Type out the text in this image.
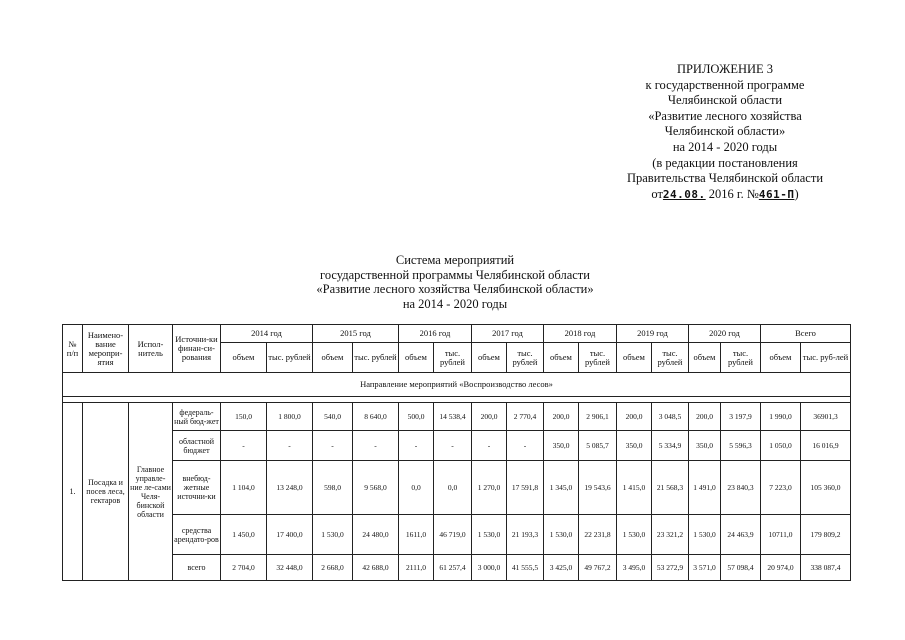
ПРИЛОЖЕНИЕ 3
к государственной программе
Челябинской области
«Развитие лесного хозяйства
Челябинской области»
на 2014 - 2020 годы
(в редакции постановления
Правительства Челябинской области
от24.08. 2016 г. №461-П)
Система мероприятий
государственной программы Челябинской области
«Развитие лесного хозяйства Челябинской области»
на 2014 - 2020 годы
№ п/п	Наимено-вание меропри-ятия	Испол-нитель	Источни-ки финан-си-рования	2014 год		2015 год		2016 год		2017 год		2018 год		2019 год		2020 год		Всего	
				объем	тыс. рублей	объем	тыс. рублей	объем	тыс. рублей	объем	тыс. рублей	объем	тыс. рублей	объем	тыс. рублей	объем	тыс. рублей	объем	тыс. руб-лей
Направление мероприятий «Воспроизводство лесов»																			

1.	Посадка и посев леса, гектаров	Главное управле-ние ле-сами Челя-бинской области	федераль-ный бюд-жет	150,0	1 800,0	540,0	8 640,0	500,0	14 538,4	200,0	2 770,4	200,0	2 906,1	200,0	3 048,5	200,0	3 197,9	1 990,0	36901,3
			областной бюджет	-	-	-	-	-	-	-	-	350,0	5 085,7	350,0	5 334,9	350,0	5 596,3	1 050,0	16 016,9
			внебюд-жетные источни-ки	1 104,0	13 248,0	598,0	9 568,0	0,0	0,0	1 270,0	17 591,8	1 345,0	19 543,6	1 415,0	21 568,3	1 491,0	23 840,3	7 223,0	105 360,0
			средства арендато-ров	1 450,0	17 400,0	1 530,0	24 480,0	1611,0	46 719,0	1 530,0	21 193,3	1 530,0	22 231,8	1 530,0	23 321,2	1 530,0	24 463,9	10711,0	179 809,2
			всего	2 704,0	32 448,0	2 668,0	42 688,0	2111,0	61 257,4	3 000,0	41 555,5	3 425,0	49 767,2	3 495,0	53 272,9	3 571,0	57 098,4	20 974,0	338 087,4
